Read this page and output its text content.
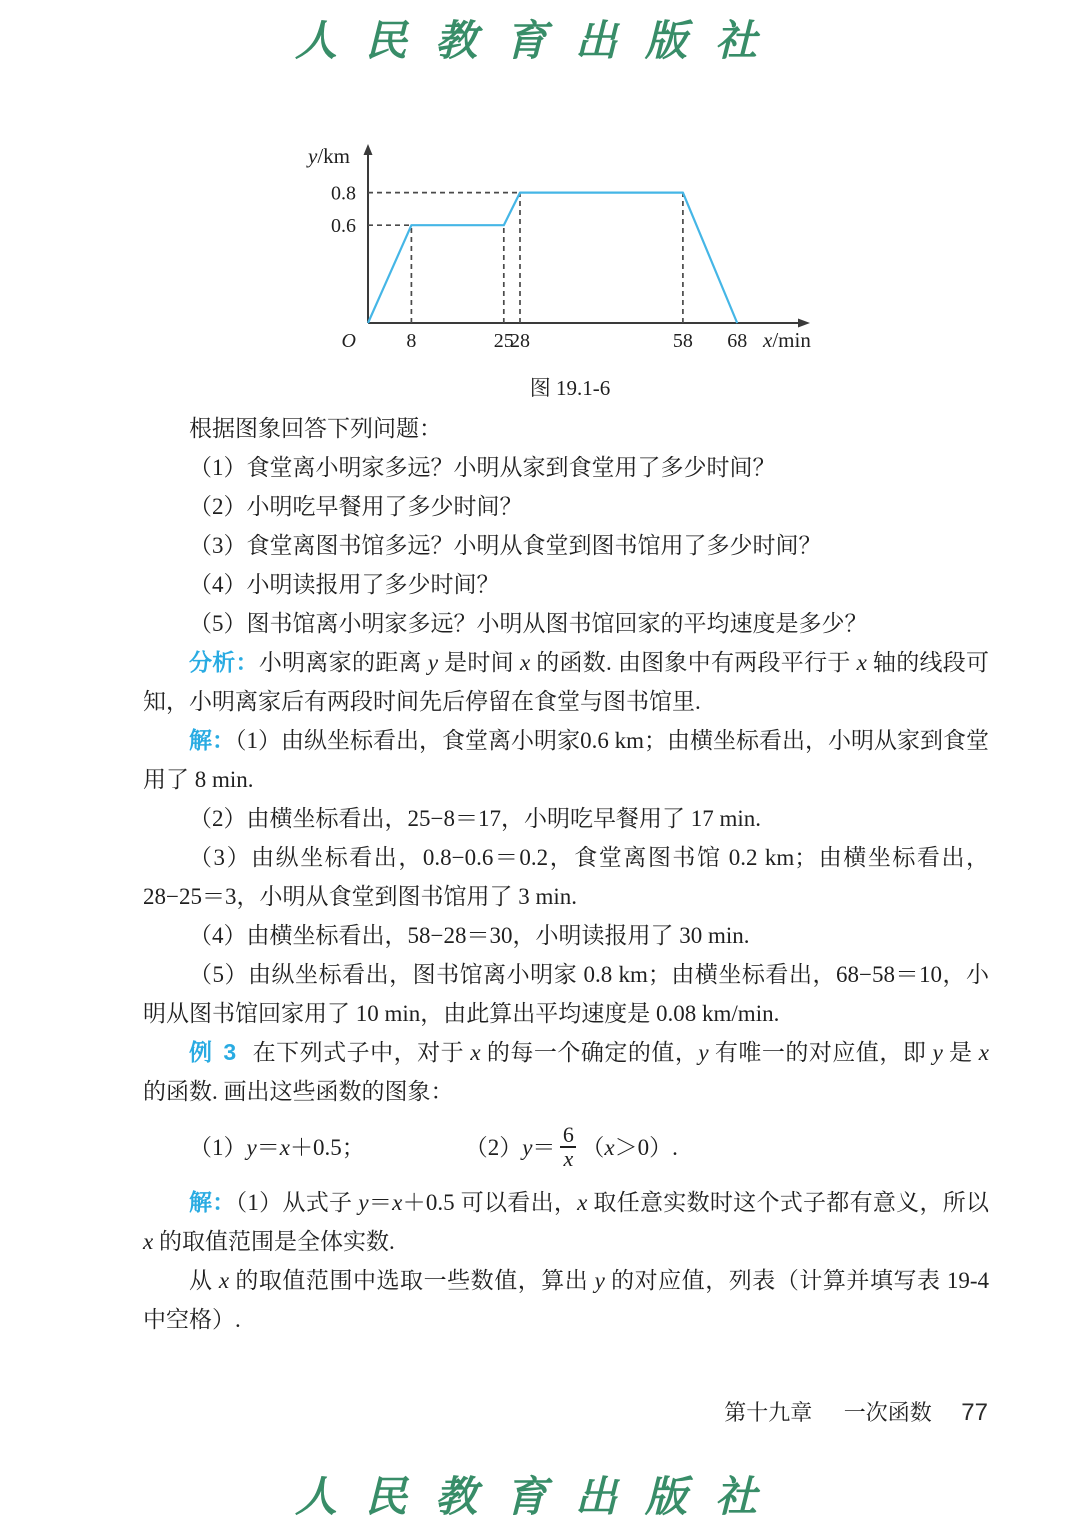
人民教育出版社
O	8	25
28	58 68
0.6
0.8
y/km
x/min
图 19.1-6

根据图象回答下列问题：

（1）食堂离小明家多远？小明从家到食堂用了多少时间？

（2）小明吃早餐用了多少时间？

（3）食堂离图书馆多远？小明从食堂到图书馆用了多少时间？

（4）小明读报用了多少时间？

（5）图书馆离小明家多远？小明从图书馆回家的平均速度是多少？

分析：小明离家的距离 y 是时间 x 的函数. 由图象中有两段平行于 x 轴的线段可知，小明离家后有两段时间先后停留在食堂与图书馆里.

解：（1）由纵坐标看出，食堂离小明家0.6 km；由横坐标看出，小明从家到食堂用了 8 min.

（2）由横坐标看出，25−8＝17，小明吃早餐用了 17 min.

（3）由纵坐标看出，0.8−0.6＝0.2，食堂离图书馆 0.2 km；由横坐标看出，28−25＝3，小明从食堂到图书馆用了 3 min.

（4）由横坐标看出，58−28＝30，小明读报用了 30 min.

（5）由纵坐标看出，图书馆离小明家 0.8 km；由横坐标看出，68−58＝10，小明从图书馆回家用了 10 min，由此算出平均速度是 0.08 km/min.

例 3 在下列式子中，对于 x 的每一个确定的值，y 有唯一的对应值，即 y 是 x 的函数. 画出这些函数的图象：

（1）y＝x＋0.5；	$(2)y= \frac{6}{x} (x>0)$.

解：（1）从式子 y＝x＋0.5 可以看出，x 取任意实数时这个式子都有意义，所以 x 的取值范围是全体实数.

从 x 的取值范围中选取一些数值，算出 y 的对应值，列表（计算并填写表 19-4 中空格）.

第十九章 一次函数 77
人民教育出版社
